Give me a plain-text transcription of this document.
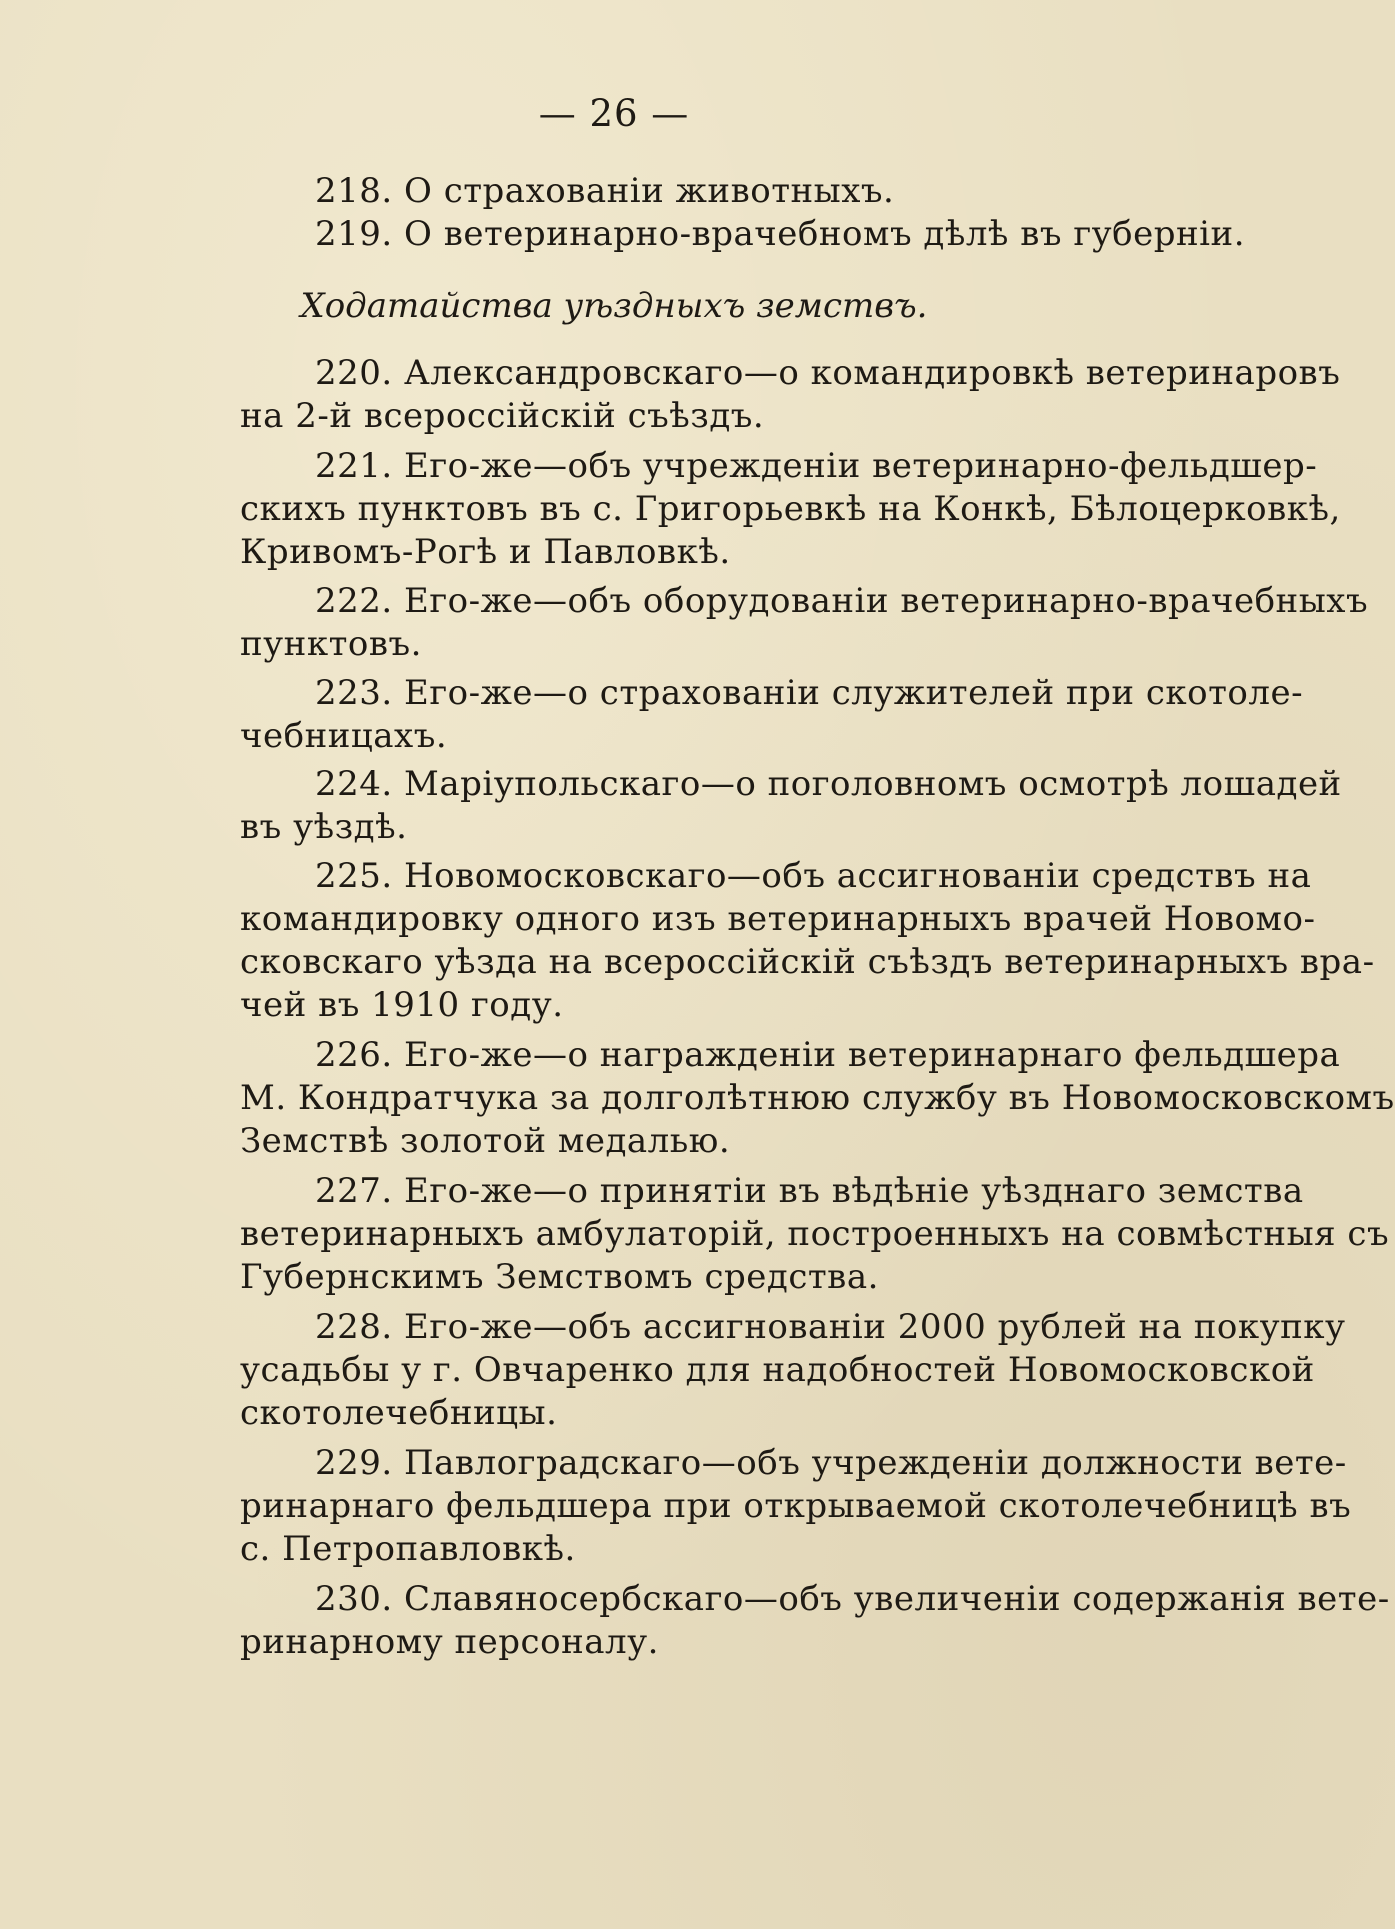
— 26 —
218. О страхованіи животныхъ.
219. О ветеринарно-врачебномъ дѣлѣ въ губерніи.
Ходатайства уѣздныхъ земствъ.
220. Александровскаго—о командировкѣ ветеринаровъ
на 2-й всероссійскій съѣздъ.
221. Его-же—объ учрежденіи ветеринарно-фельдшер-
скихъ пунктовъ въ с. Григорьевкѣ на Конкѣ, Бѣлоцерковкѣ,
Кривомъ-Рогѣ и Павловкѣ.
222. Его-же—объ оборудованіи ветеринарно-врачебныхъ
пунктовъ.
223. Его-же—о страхованіи служителей при скотоле-
чебницахъ.
224. Маріупольскаго—о поголовномъ осмотрѣ лошадей
въ уѣздѣ.
225. Новомосковскаго—объ ассигнованіи средствъ на
командировку одного изъ ветеринарныхъ врачей Новомо-
сковскаго уѣзда на всероссійскій съѣздъ ветеринарныхъ вра-
чей въ 1910 году.
226. Его-же—о награжденіи ветеринарнаго фельдшера
М. Кондратчука за долголѣтнюю службу въ Новомосковскомъ
Земствѣ золотой медалью.
227. Его-же—о принятіи въ вѣдѣніе уѣзднаго земства
ветеринарныхъ амбулаторій, построенныхъ на совмѣстныя съ
Губернскимъ Земствомъ средства.
228. Его-же—объ ассигнованіи 2000 рублей на покупку
усадьбы у г. Овчаренко для надобностей Новомосковской
скотолечебницы.
229. Павлоградскаго—объ учрежденіи должности вете-
ринарнаго фельдшера при открываемой скотолечебницѣ въ
с. Петропавловкѣ.
230. Славяносербскаго—объ увеличеніи содержанія вете-
ринарному персоналу.
